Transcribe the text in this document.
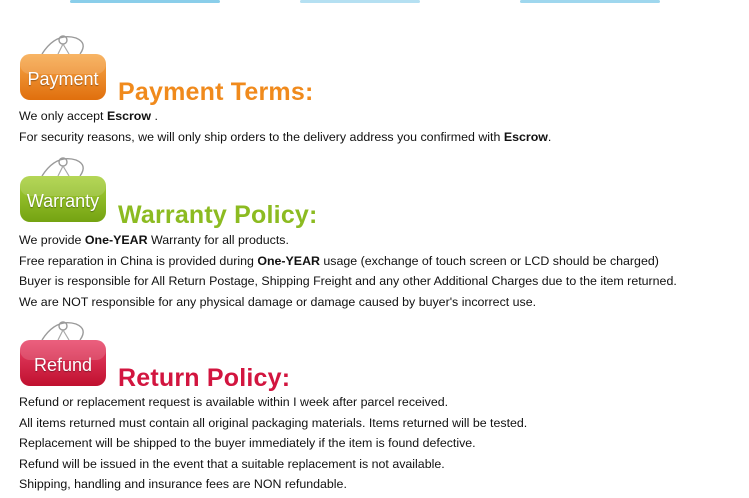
Payment Payment Terms:
We only accept Escrow .
For security reasons, we will only ship orders to the delivery address you confirmed with Escrow.
Warranty Warranty Policy:
We provide One-YEAR Warranty for all products.
Free reparation in China is provided during One-YEAR usage (exchange of touch screen or LCD should be charged)
Buyer is responsible for All Return Postage, Shipping Freight and any other Additional Charges due to the item returned.
We are NOT responsible for any physical damage or damage caused by buyer's incorrect use.
Refund	Return Policy:
Refund or replacement request is available within I week after parcel received.
All items returned must contain all original packaging materials. Items returned will be tested.
Replacement will be shipped to the buyer immediately if the item is found defective.
Refund will be issued in the event that a suitable replacement is not available.
Shipping, handling and insurance fees are NON refundable.
